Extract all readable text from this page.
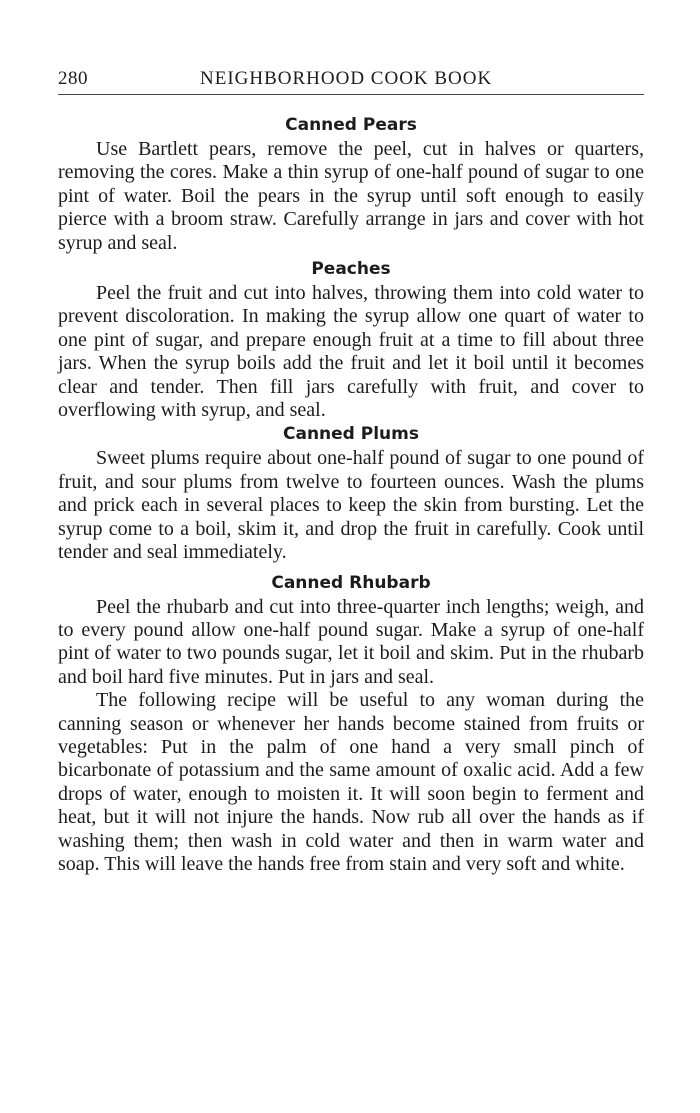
280	NEIGHBORHOOD COOK BOOK
Canned Pears

Use Bartlett pears, remove the peel, cut in halves or quarters, removing the cores. Make a thin syrup of one-half pound of sugar to one pint of water. Boil the pears in the syrup until soft enough to easily pierce with a broom straw. Carefully arrange in jars and cover with hot syrup and seal.

Peaches

Peel the fruit and cut into halves, throwing them into cold water to prevent discoloration. In making the syrup allow one quart of water to one pint of sugar, and prepare enough fruit at a time to fill about three jars. When the syrup boils add the fruit and let it boil until it becomes clear and tender. Then fill jars carefully with fruit, and cover to overflowing with syrup, and seal.

Canned Plums

Sweet plums require about one-half pound of sugar to one pound of fruit, and sour plums from twelve to fourteen ounces. Wash the plums and prick each in several places to keep the skin from bursting. Let the syrup come to a boil, skim it, and drop the fruit in carefully. Cook until tender and seal immediately.

Canned Rhubarb

Peel the rhubarb and cut into three-quarter inch lengths; weigh, and to every pound allow one-half pound sugar. Make a syrup of one-half pint of water to two pounds sugar, let it boil and skim. Put in the rhubarb and boil hard five minutes. Put in jars and seal.

The following recipe will be useful to any woman during the canning season or whenever her hands become stained from fruits or vegetables: Put in the palm of one hand a very small pinch of bicarbonate of potassium and the same amount of oxalic acid. Add a few drops of water, enough to moisten it. It will soon begin to ferment and heat, but it will not injure the hands. Now rub all over the hands as if washing them; then wash in cold water and then in warm water and soap. This will leave the hands free from stain and very soft and white.
